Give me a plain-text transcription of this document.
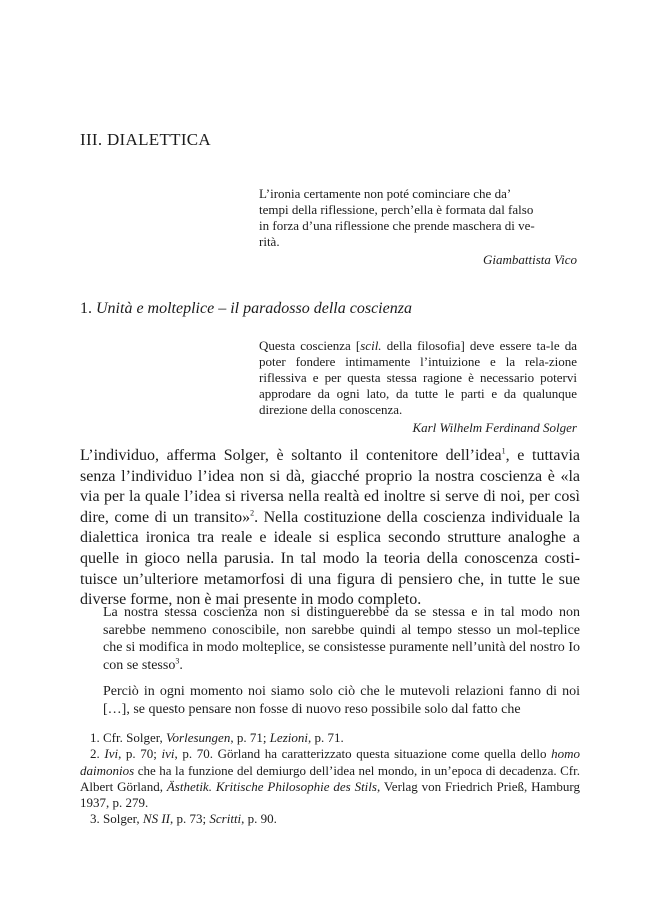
III. DIALETTICA
L’ironia certamente non poté cominciare che da’
tempi della riflessione, perch’ella è formata dal falso
in forza d’una riflessione che prende maschera di ve-
rità.
Giambattista Vico
1. Unità e molteplice – il paradosso della coscienza
Questa coscienza [scil. della filosofia] deve essere ta-le da poter fondere intimamente l’intuizione e la rela-zione riflessiva e per questa stessa ragione è necessario potervi approdare da ogni lato, da tutte le parti e da qualunque direzione della conoscenza.
Karl Wilhelm Ferdinand Solger
L’individuo, afferma Solger, è soltanto il contenitore dell’idea$^1$, e tuttavia senza l’individuo l’idea non si dà, giacché proprio la nostra coscienza è «la via per la quale l’idea si riversa nella realtà ed inoltre si serve di noi, per così dire, come di un transito»$^2$. Nella costituzione della coscienza individuale la dialettica ironica tra reale e ideale si esplica secondo strutture analoghe a quelle in gioco nella parusia. In tal modo la teoria della conoscenza costi-tuisce un’ulteriore metamorfosi di una figura di pensiero che, in tutte le sue diverse forme, non è mai presente in modo completo.
La nostra stessa coscienza non si distinguerebbe da se stessa e in tal modo non sarebbe nemmeno conoscibile, non sarebbe quindi al tempo stesso un mol-teplice che si modifica in modo molteplice, se consistesse puramente nell’unità del nostro Io con se stesso$^3$.
Perciò in ogni momento noi siamo solo ciò che le mutevoli relazioni fanno di noi […], se questo pensare non fosse di nuovo reso possibile solo dal fatto che
1. Cfr. Solger, Vorlesungen, p. 71; Lezioni, p. 71.
2. Ivi, p. 70; ivi, p. 70. Görland ha caratterizzato questa situazione come quella dello homo daimonios che ha la funzione del demiurgo dell’idea nel mondo, in un’epoca di decadenza. Cfr. Albert Görland, Ästhetik. Kritische Philosophie des Stils, Verlag von Friedrich Prieß, Hamburg 1937, p. 279.
3. Solger, NS II, p. 73; Scritti, p. 90.
